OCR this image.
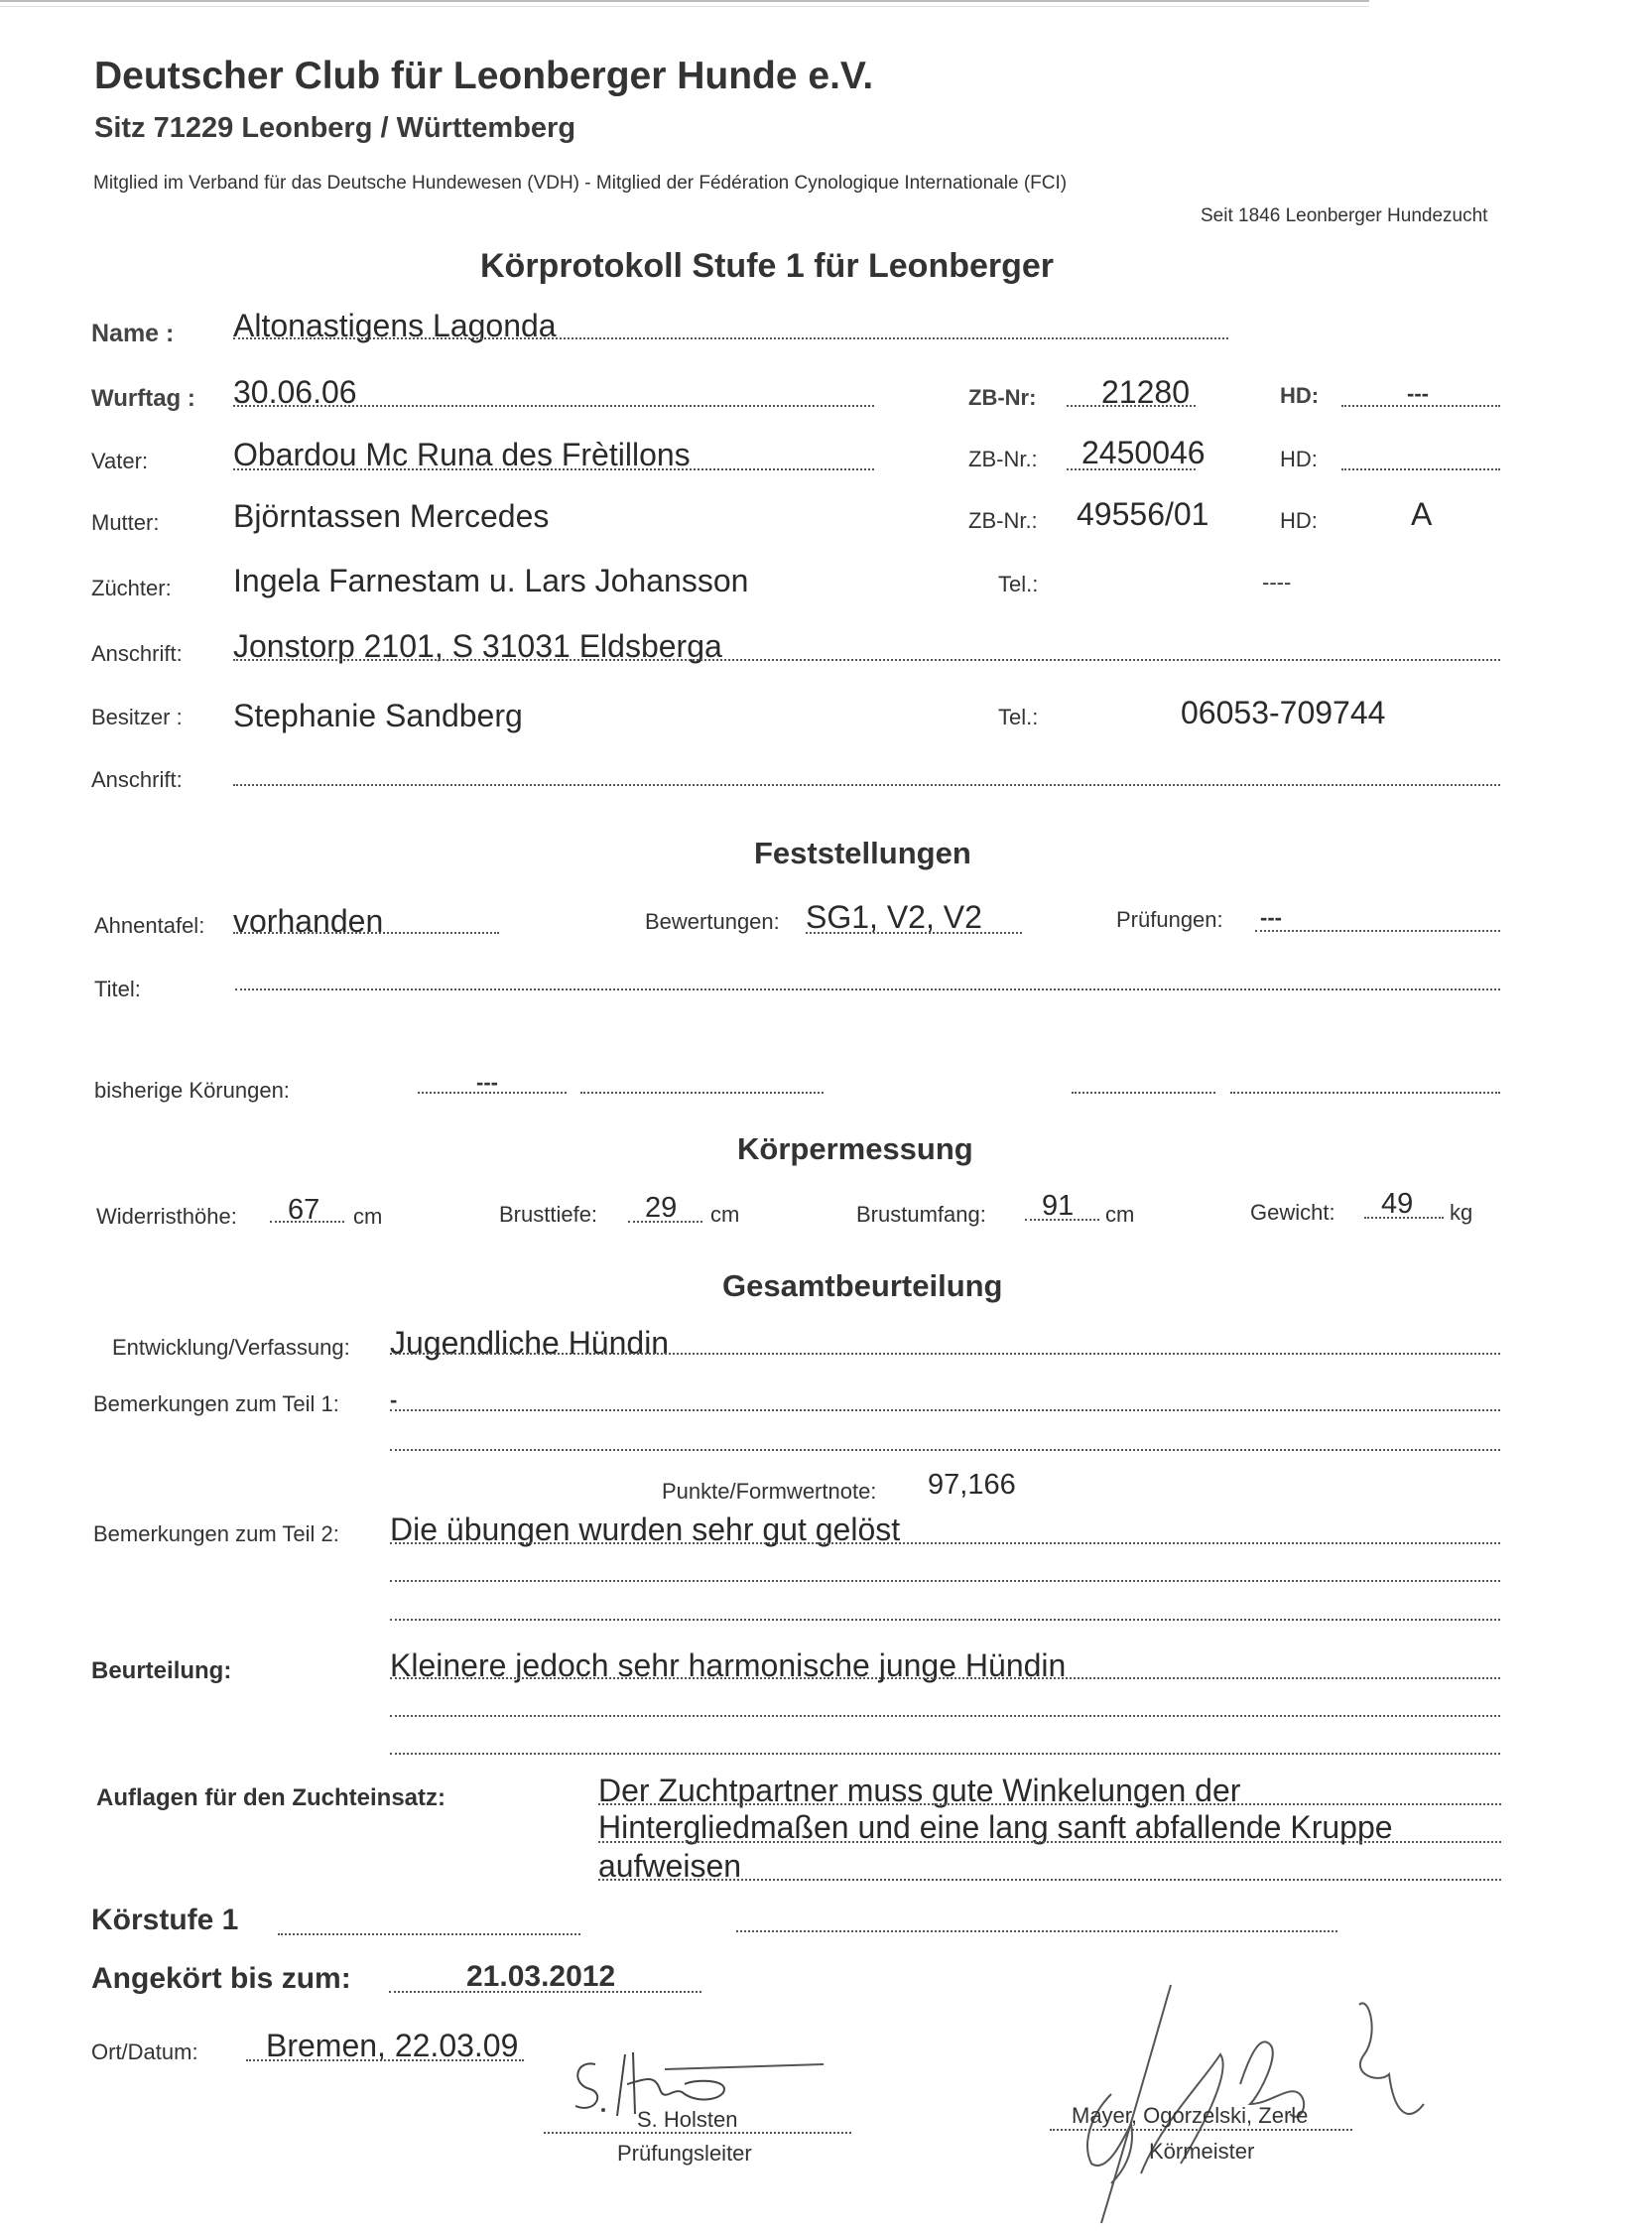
Deutscher Club für Leonberger Hunde e.V.
Sitz 71229 Leonberg / Württemberg
Mitglied im Verband für das Deutsche Hundewesen (VDH) - Mitglied der Fédération Cynologique Internationale (FCI)
Seit 1846 Leonberger Hundezucht
Körprotokoll Stufe 1 für Leonberger
Name : Altonastigens Lagonda
Wurftag : 30.06.06	ZB-Nr: 21280	HD:	---
Vater:	Obardou Mc Runa des Frètillons	ZB-Nr.: 2450046	HD:
Mutter: Björntassen Mercedes	ZB-Nr.: 49556/01	HD:	A
Züchter: Ingela Farnestam u. Lars Johansson	Tel.:	----
Anschrift: Jonstorp 2101, S 31031 Eldsberga
Besitzer : Stephanie Sandberg	Tel.:	06053-709744
Anschrift:
Feststellungen
Ahnentafel: vorhanden	Bewertungen: SG1, V2, V2	Prüfungen: ---
Titel:
bisherige Körungen:	---
Körpermessung
Widerristhöhe: 67 cm	Brusttiefe: 29 cm	Brustumfang: 91 cm	Gewicht: 49 kg
Gesamtbeurteilung
Entwicklung/Verfassung: Jugendliche Hündin
Bemerkungen zum Teil 1: -
Punkte/Formwertnote: 97,166
Bemerkungen zum Teil 2: Die übungen wurden sehr gut gelöst
Beurteilung:	Kleinere jedoch sehr harmonische junge Hündin
Auflagen für den Zuchteinsatz:	Der Zuchtpartner muss gute Winkelungen der
Hintergliedmaßen und eine lang sanft abfallende Kruppe
aufweisen
Körstufe 1
Angekört bis zum:	21.03.2012
Ort/Datum: Bremen, 22.03.09
S. Holsten
Prüfungsleiter
Mayer, Ogorzelski, Zerle
Körmeister
